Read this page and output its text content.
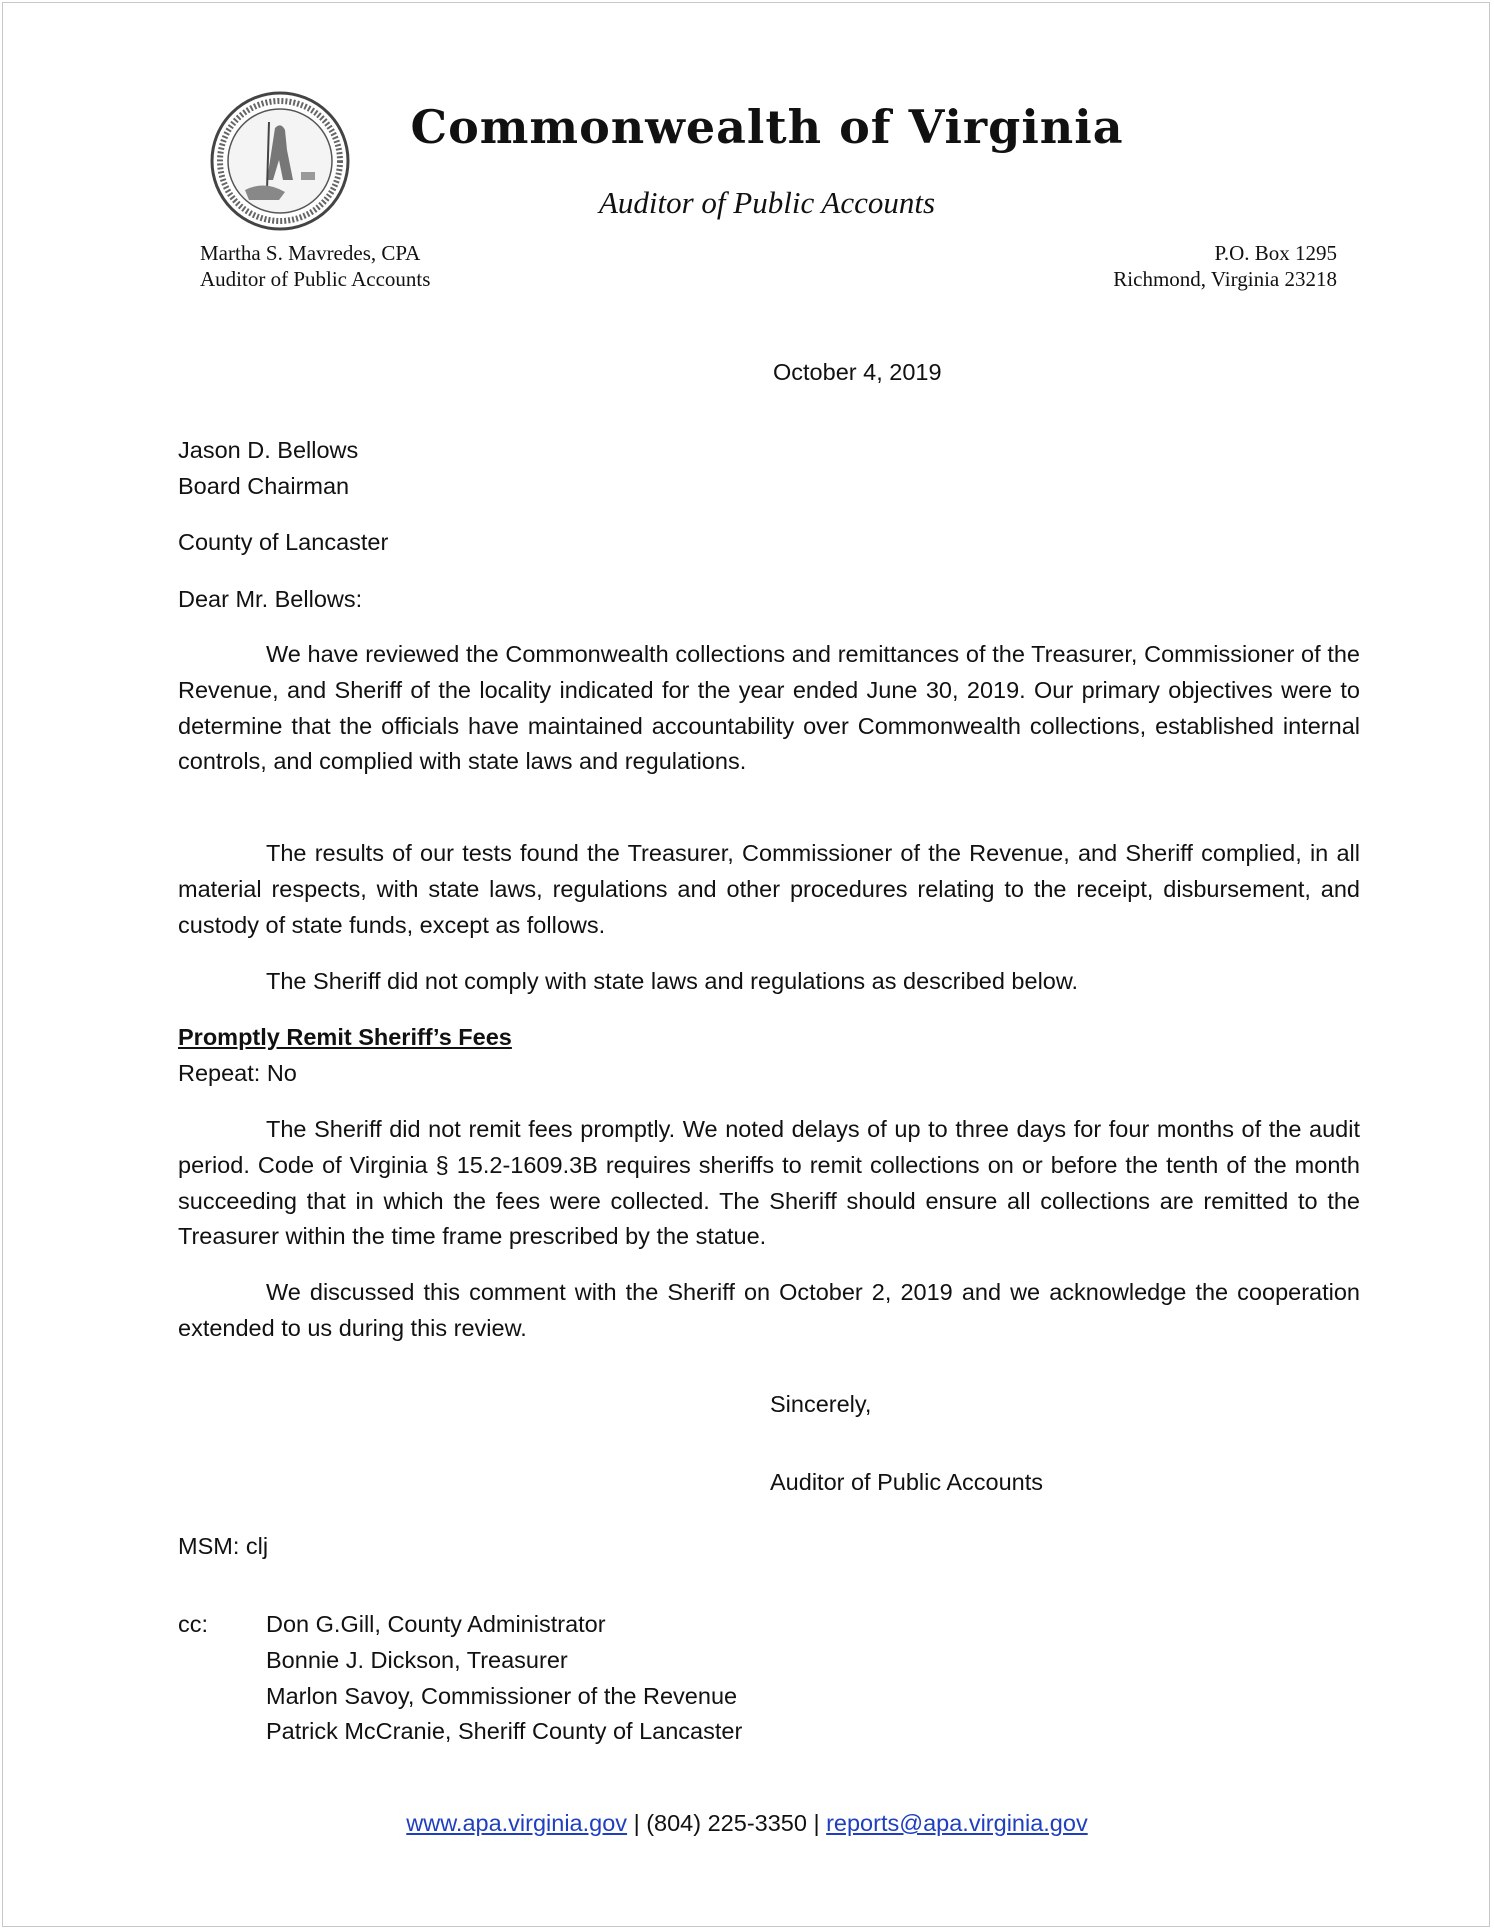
Commonwealth of Virginia
Auditor of Public Accounts
Martha S. Mavredes, CPA
Auditor of Public Accounts
P.O. Box 1295
Richmond, Virginia 23218
October 4, 2019
Jason D. Bellows
Board Chairman
County of Lancaster
Dear Mr. Bellows:
We have reviewed the Commonwealth collections and remittances of the Treasurer, Commissioner of the Revenue, and Sheriff of the locality indicated for the year ended June 30, 2019. Our primary objectives were to determine that the officials have maintained accountability over Commonwealth collections, established internal controls, and complied with state laws and regulations.
The results of our tests found the Treasurer, Commissioner of the Revenue, and Sheriff complied, in all material respects, with state laws, regulations and other procedures relating to the receipt, disbursement, and custody of state funds, except as follows.
The Sheriff did not comply with state laws and regulations as described below.
Promptly Remit Sheriff’s Fees
Repeat: No
The Sheriff did not remit fees promptly. We noted delays of up to three days for four months of the audit period. Code of Virginia § 15.2-1609.3B requires sheriffs to remit collections on or before the tenth of the month succeeding that in which the fees were collected. The Sheriff should ensure all collections are remitted to the Treasurer within the time frame prescribed by the statue.
We discussed this comment with the Sheriff on October 2, 2019 and we acknowledge the cooperation extended to us during this review.
Sincerely,
Auditor of Public Accounts
MSM: clj
cc: Don G.Gill, County Administrator
Bonnie J. Dickson, Treasurer
Marlon Savoy, Commissioner of the Revenue
Patrick McCranie, Sheriff County of Lancaster
www.apa.virginia.gov | (804) 225-3350 | reports@apa.virginia.gov
